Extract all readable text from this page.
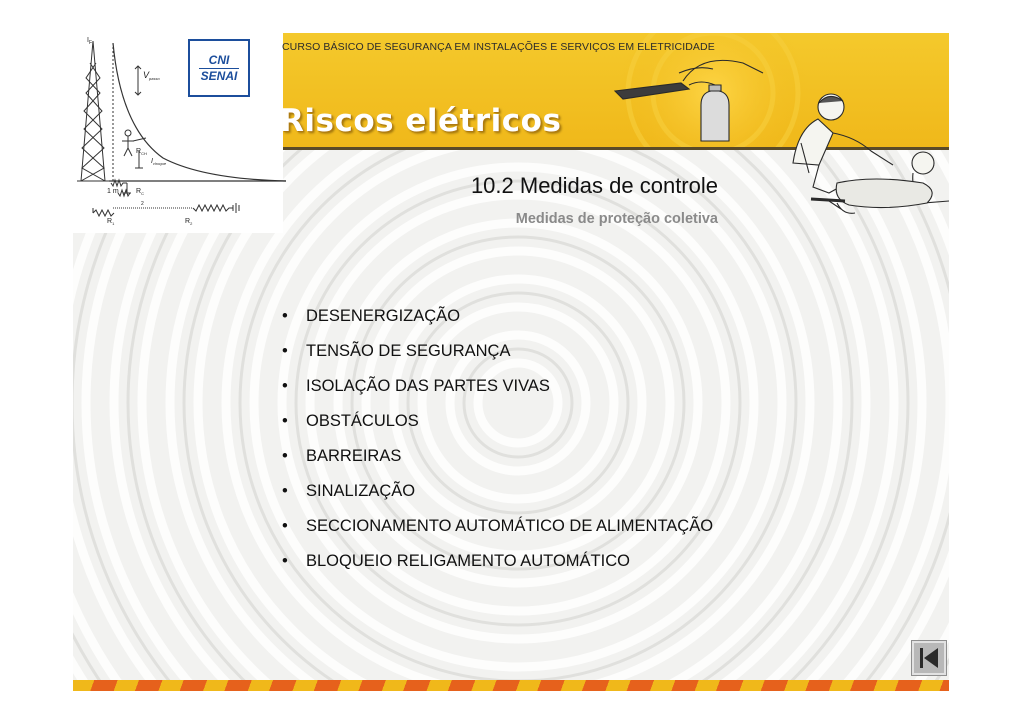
$I_F$
$V_{passo}$
$R_{CH}$
$I_{choque}$
1 m $R_C$
2
$R_1$	$R_2$
CNI
SENAI
CURSO BÁSICO DE SEGURANÇA EM INSTALAÇÕES E SERVIÇOS EM ELETRICIDADE
Riscos elétricos
10.2 Medidas de controle
Medidas de proteção coletiva
• DESENERGIZAÇÃO
• TENSÃO DE SEGURANÇA
• ISOLAÇÃO DAS PARTES VIVAS
• OBSTÁCULOS
• BARREIRAS
• SINALIZAÇÃO
• SECCIONAMENTO AUTOMÁTICO DE ALIMENTAÇÃO
• BLOQUEIO RELIGAMENTO AUTOMÁTICO
